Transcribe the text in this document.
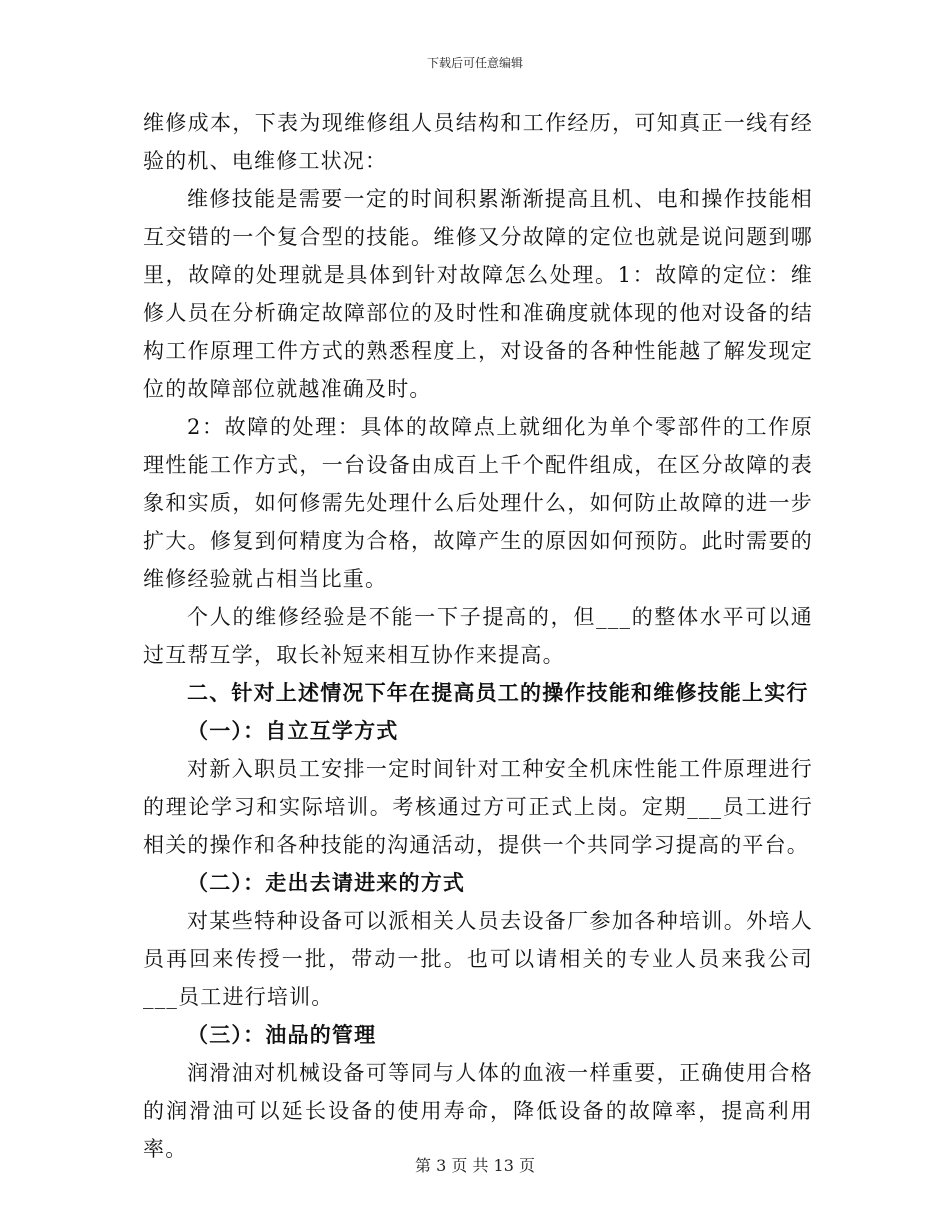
下载后可任意编辑

维修成本，下表为现维修组人员结构和工作经历，可知真正一线有经验的机、电维修工状况：

维修技能是需要一定的时间积累渐渐提高且机、电和操作技能相互交错的一个复合型的技能。维修又分故障的定位也就是说问题到哪里，故障的处理就是具体到针对故障怎么处理。1：故障的定位：维修人员在分析确定故障部位的及时性和准确度就体现的他对设备的结构工作原理工件方式的熟悉程度上，对设备的各种性能越了解发现定位的故障部位就越准确及时。

2：故障的处理：具体的故障点上就细化为单个零部件的工作原理性能工作方式，一台设备由成百上千个配件组成，在区分故障的表象和实质，如何修需先处理什么后处理什么，如何防止故障的进一步扩大。修复到何精度为合格，故障产生的原因如何预防。此时需要的维修经验就占相当比重。

个人的维修经验是不能一下子提高的，但___的整体水平可以通过互帮互学，取长补短来相互协作来提高。

二、针对上述情况下年在提高员工的操作技能和维修技能上实行

（一）：自立互学方式

对新入职员工安排一定时间针对工种安全机床性能工件原理进行的理论学习和实际培训。考核通过方可正式上岗。定期___员工进行相关的操作和各种技能的沟通活动，提供一个共同学习提高的平台。

（二）：走出去请进来的方式

对某些特种设备可以派相关人员去设备厂参加各种培训。外培人员再回来传授一批，带动一批。也可以请相关的专业人员来我公司___员工进行培训。

（三）：油品的管理

润滑油对机械设备可等同与人体的血液一样重要，正确使用合格的润滑油可以延长设备的使用寿命，降低设备的故障率，提高利用率。

第 3 页 共 13 页
